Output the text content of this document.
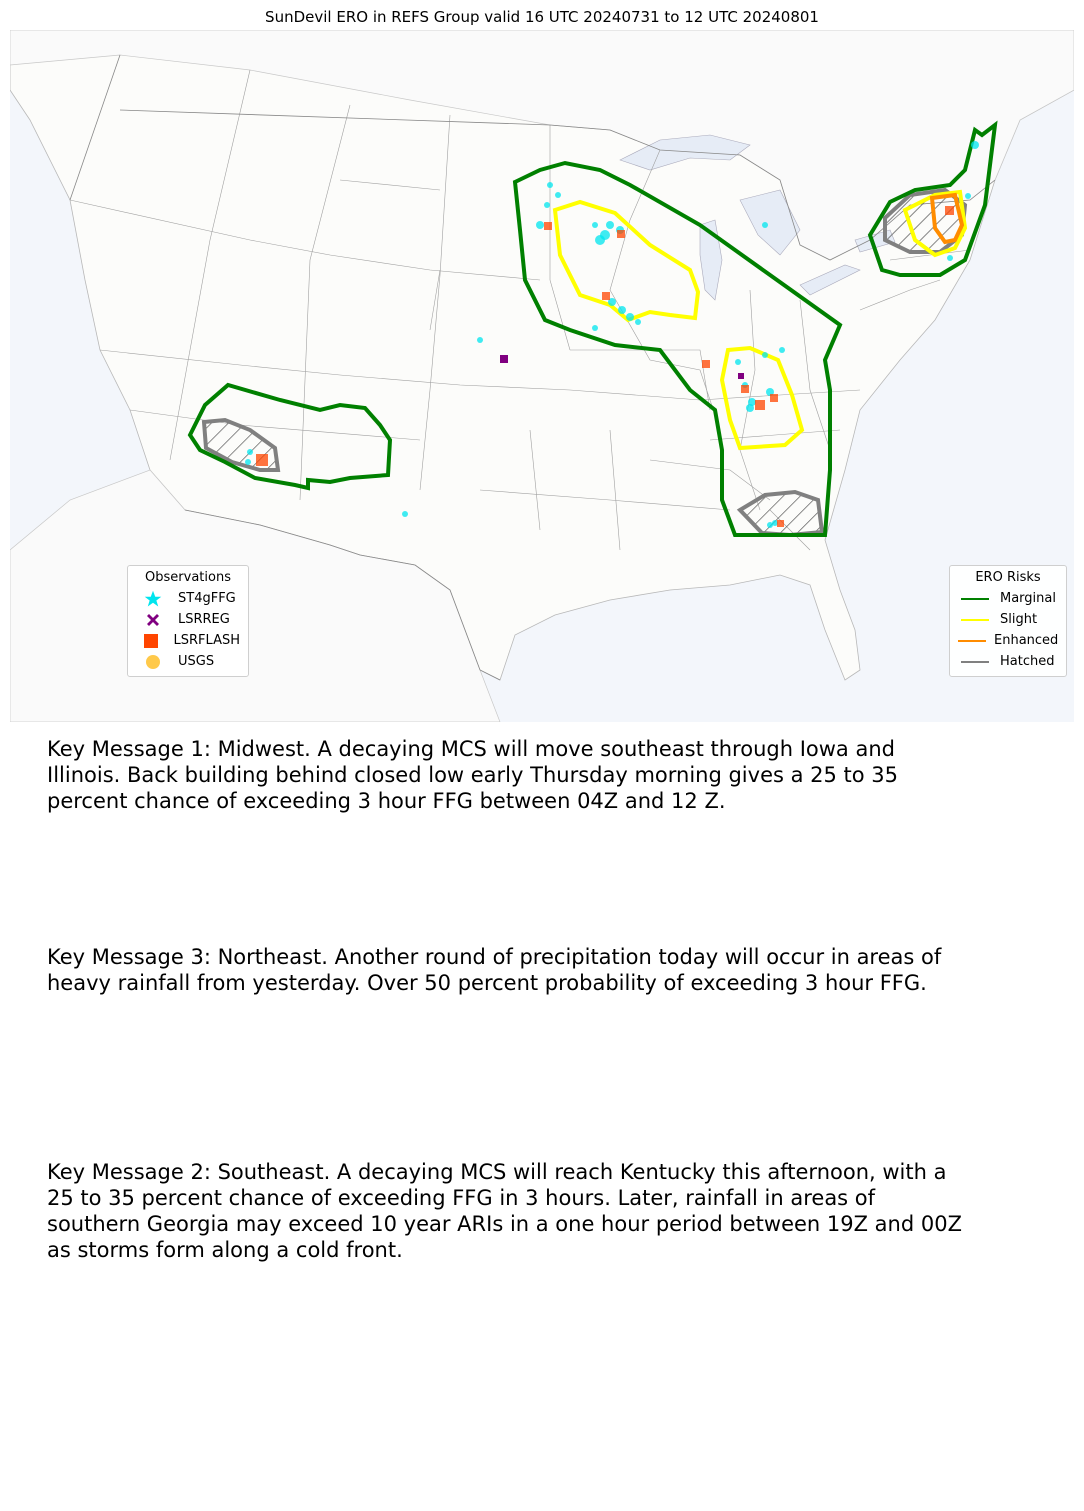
SunDevil ERO in REFS Group valid 16 UTC 20240731 to 12 UTC 20240801
Observations
ST4gFFG
LSRREG
LSRFLASH
USGS
ERO Risks
Marginal
Slight
Enhanced
Hatched
Key Message 1: Midwest. A decaying MCS will move southeast through Iowa and Illinois. Back building behind closed low early Thursday morning gives a 25 to 35 percent chance of exceeding 3 hour FFG between 04Z and 12 Z.
Key Message 3: Northeast. Another round of precipitation today will occur in areas of heavy rainfall from yesterday. Over 50 percent probability of exceeding 3 hour FFG.
Key Message 2: Southeast. A decaying MCS will reach Kentucky this afternoon, with a 25 to 35 percent chance of exceeding FFG in 3 hours. Later, rainfall in areas of southern Georgia may exceed 10 year ARIs in a one hour period between 19Z and 00Z as storms form along a cold front.
